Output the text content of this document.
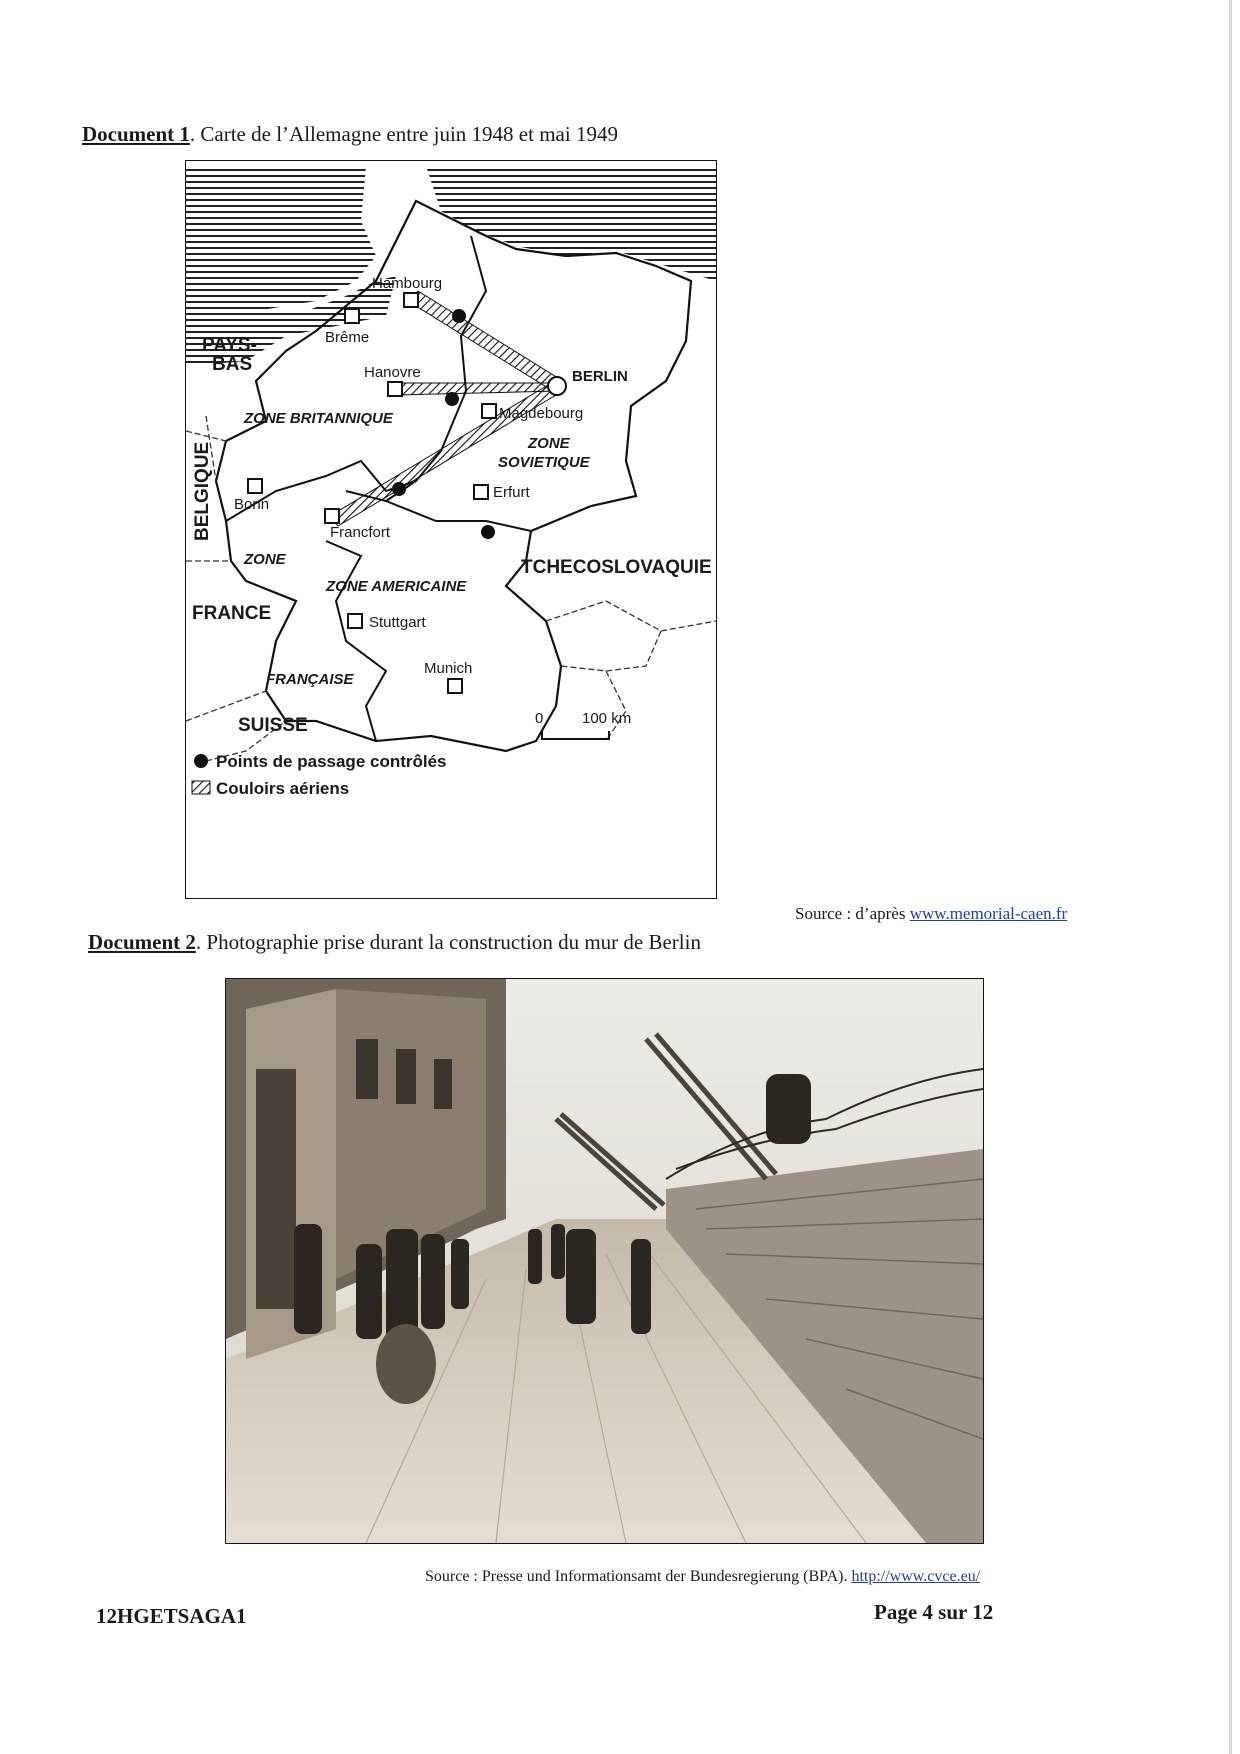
Document 1. Carte de l’Allemagne entre juin 1948 et mai 1949
Hambourg
Brême
Hanovre	BERLIN
Magdebourg
Erfurt
Bonn
Francfort
Stuttgart
Munich
ZONE BRITANNIQUE
ZONE
SOVIETIQUE
ZONE AMERICAINE
ZONE
FRANÇAISE
PAYS-
BAS
BELGIQUE
FRANCE
SUISSE
TCHECOSLOVAQUIE
0	100 km
Points de passage contrôlés
Couloirs aériens
Source : d’après www.memorial-caen.fr
Document 2. Photographie prise durant la construction du mur de Berlin
Source : Presse und Informationsamt der Bundesregierung (BPA). http://www.cvce.eu/
12HGETSAGA1	Page 4 sur 12
